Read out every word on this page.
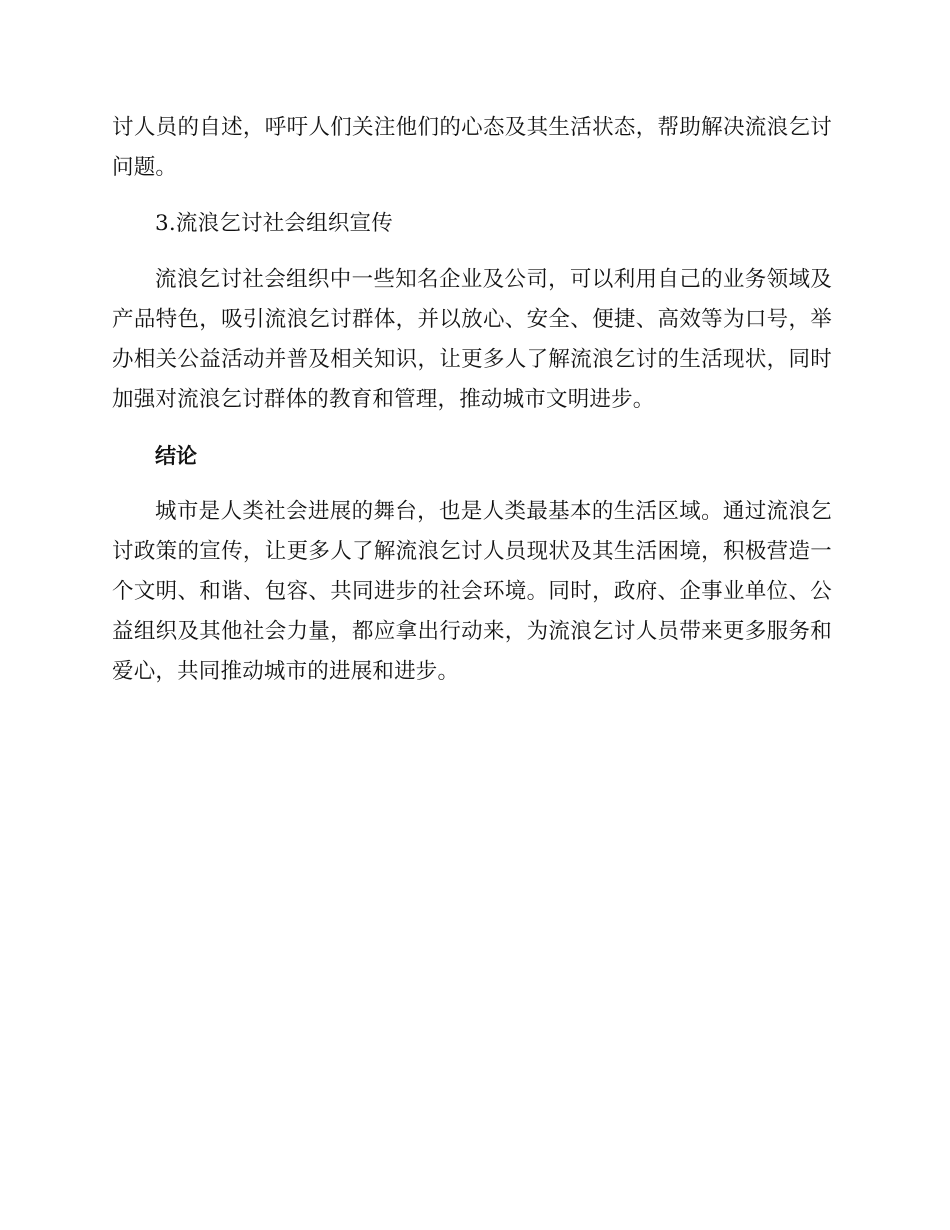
讨人员的自述，呼吁人们关注他们的心态及其生活状态，帮助解决流浪乞讨问题。

3.流浪乞讨社会组织宣传

流浪乞讨社会组织中一些知名企业及公司，可以利用自己的业务领域及产品特色，吸引流浪乞讨群体，并以放心、安全、便捷、高效等为口号，举办相关公益活动并普及相关知识，让更多人了解流浪乞讨的生活现状，同时加强对流浪乞讨群体的教育和管理，推动城市文明进步。

结论

城市是人类社会进展的舞台，也是人类最基本的生活区域。通过流浪乞讨政策的宣传，让更多人了解流浪乞讨人员现状及其生活困境，积极营造一个文明、和谐、包容、共同进步的社会环境。同时，政府、企事业单位、公益组织及其他社会力量，都应拿出行动来，为流浪乞讨人员带来更多服务和爱心，共同推动城市的进展和进步。
